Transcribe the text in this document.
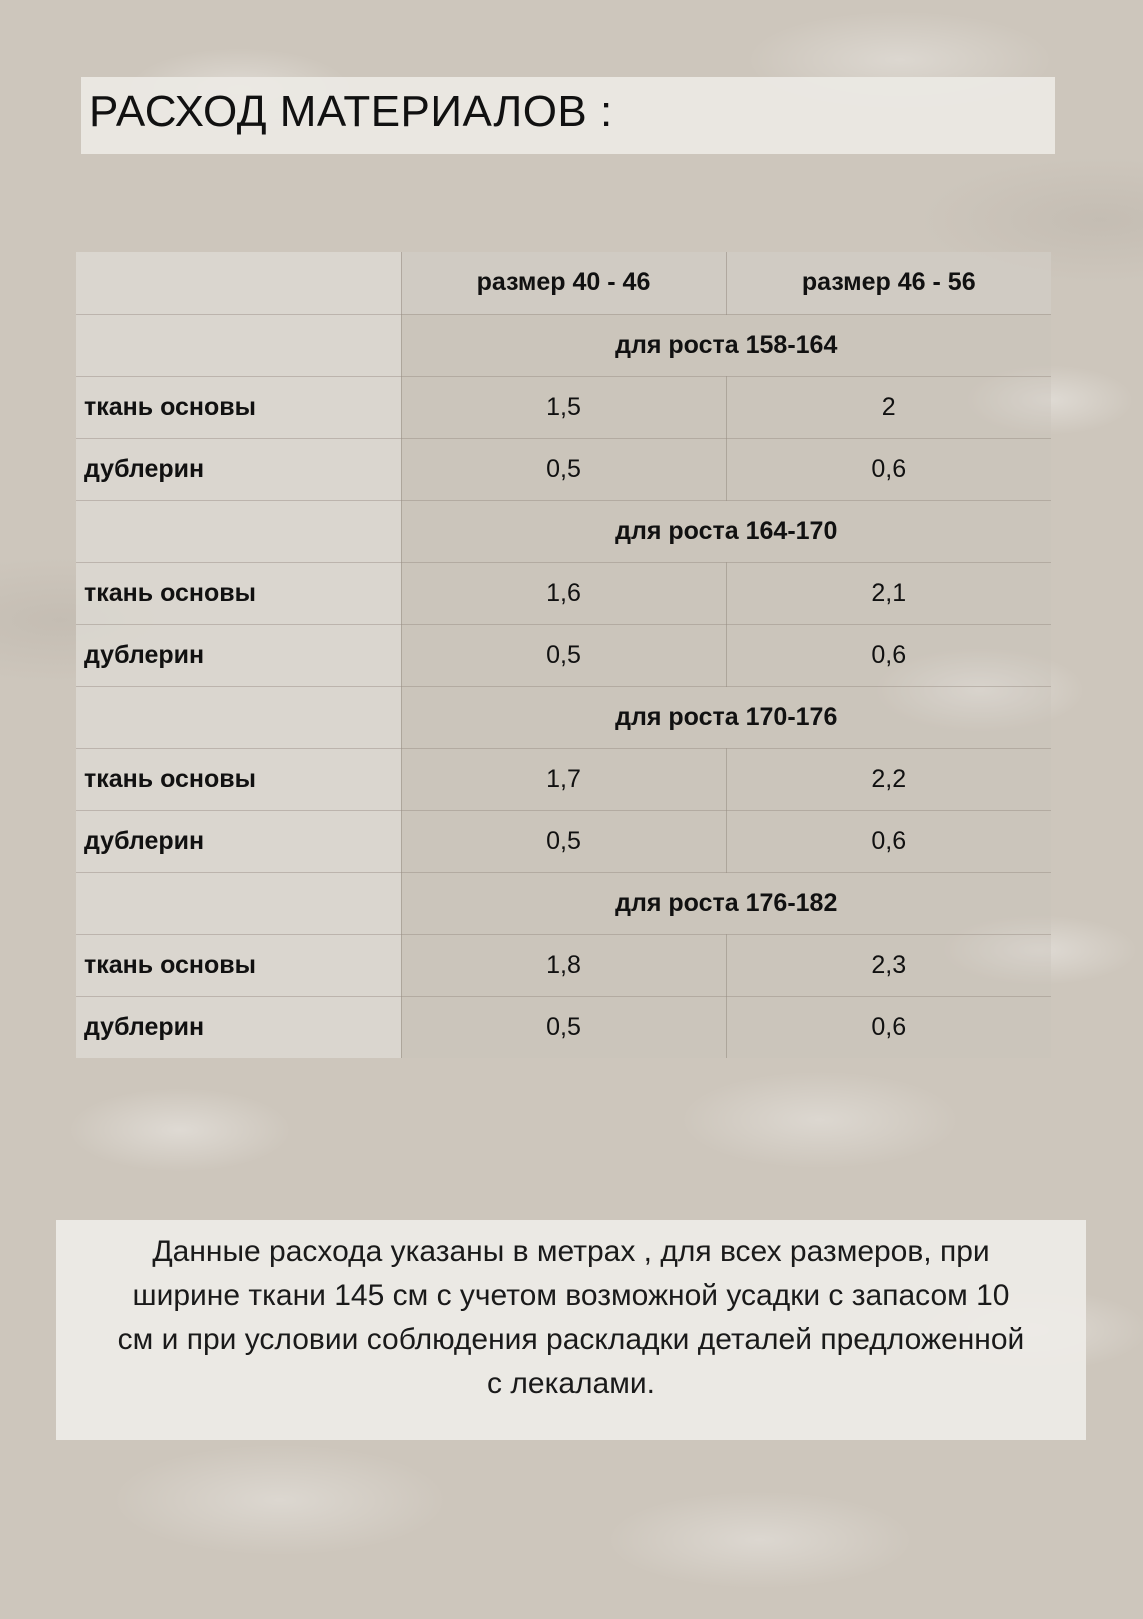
РАСХОД МАТЕРИАЛОВ :
	размер 40 - 46	размер 46 - 56
	для роста 158-164	
ткань основы	1,5	2
дублерин	0,5	0,6
	для роста 164-170	
ткань основы	1,6	2,1
дублерин	0,5	0,6
	для роста 170-176	
ткань основы	1,7	2,2
дублерин	0,5	0,6
	для роста 176-182	
ткань основы	1,8	2,3
дублерин	0,5	0,6
Данные расхода указаны в метрах , для всех размеров, при ширине ткани 145 см с учетом возможной усадки с запасом 10 см и при условии соблюдения раскладки деталей предложенной с лекалами.
